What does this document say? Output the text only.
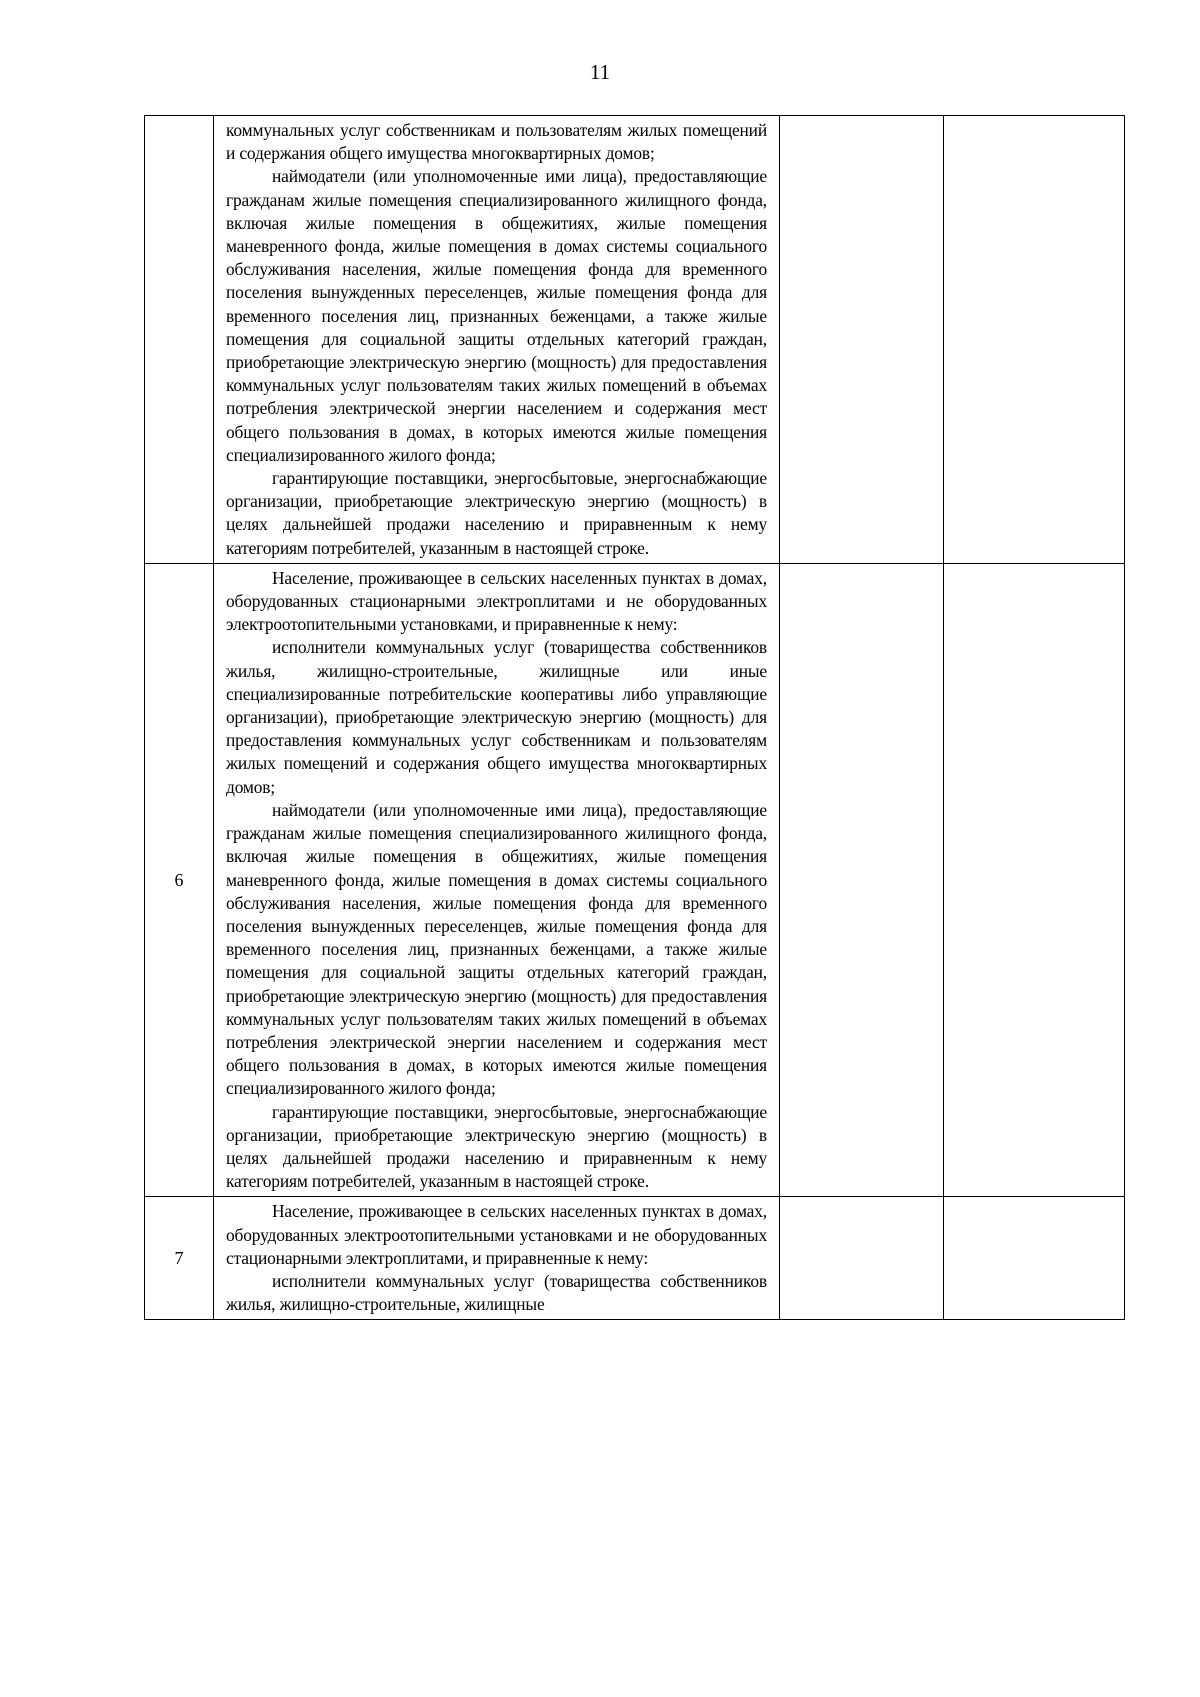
11

	коммунальных услуг собственникам и пользователям жилых помещений и содержания общего имущества многоквартирных домов;

наймодатели (или уполномоченные ими лица), предоставляющие гражданам жилые помещения специализированного жилищного фонда, включая жилые помещения в общежитиях, жилые помещения маневренного фонда, жилые помещения в домах системы социального обслуживания населения, жилые помещения фонда для временного поселения вынужденных переселенцев, жилые помещения фонда для временного поселения лиц, признанных беженцами, а также жилые помещения для социальной защиты отдельных категорий граждан, приобретающие электрическую энергию (мощность) для предоставления коммунальных услуг пользователям таких жилых помещений в объемах потребления электрической энергии населением и содержания мест общего пользования в домах, в которых имеются жилые помещения специализированного жилого фонда;

гарантирующие поставщики, энергосбытовые, энергоснабжающие организации, приобретающие электрическую энергию (мощность) в целях дальнейшей продажи населению и приравненным к нему категориям потребителей, указанным в настоящей строке.		

6	Население, проживающее в сельских населенных пунктах в домах, оборудованных стационарными электроплитами и не оборудованных электроотопительными установками, и приравненные к нему:

исполнители коммунальных услуг (товарищества собственников жилья, жилищно-строительные, жилищные или иные специализированные потребительские кооперативы либо управляющие организации), приобретающие электрическую энергию (мощность) для предоставления коммунальных услуг собственникам и пользователям жилых помещений и содержания общего имущества многоквартирных домов;

наймодатели (или уполномоченные ими лица), предоставляющие гражданам жилые помещения специализированного жилищного фонда, включая жилые помещения в общежитиях, жилые помещения маневренного фонда, жилые помещения в домах системы социального обслуживания населения, жилые помещения фонда для временного поселения вынужденных переселенцев, жилые помещения фонда для временного поселения лиц, признанных беженцами, а также жилые помещения для социальной защиты отдельных категорий граждан, приобретающие электрическую энергию (мощность) для предоставления коммунальных услуг пользователям таких жилых помещений в объемах потребления электрической энергии населением и содержания мест общего пользования в домах, в которых имеются жилые помещения специализированного жилого фонда;

гарантирующие поставщики, энергосбытовые, энергоснабжающие организации, приобретающие электрическую энергию (мощность) в целях дальнейшей продажи населению и приравненным к нему категориям потребителей, указанным в настоящей строке.		

7	Население, проживающее в сельских населенных пунктах в домах, оборудованных электроотопительными установками и не оборудованных стационарными электроплитами, и приравненные к нему:

исполнители коммунальных услуг (товарищества собственников жилья, жилищно-строительные, жилищные		
